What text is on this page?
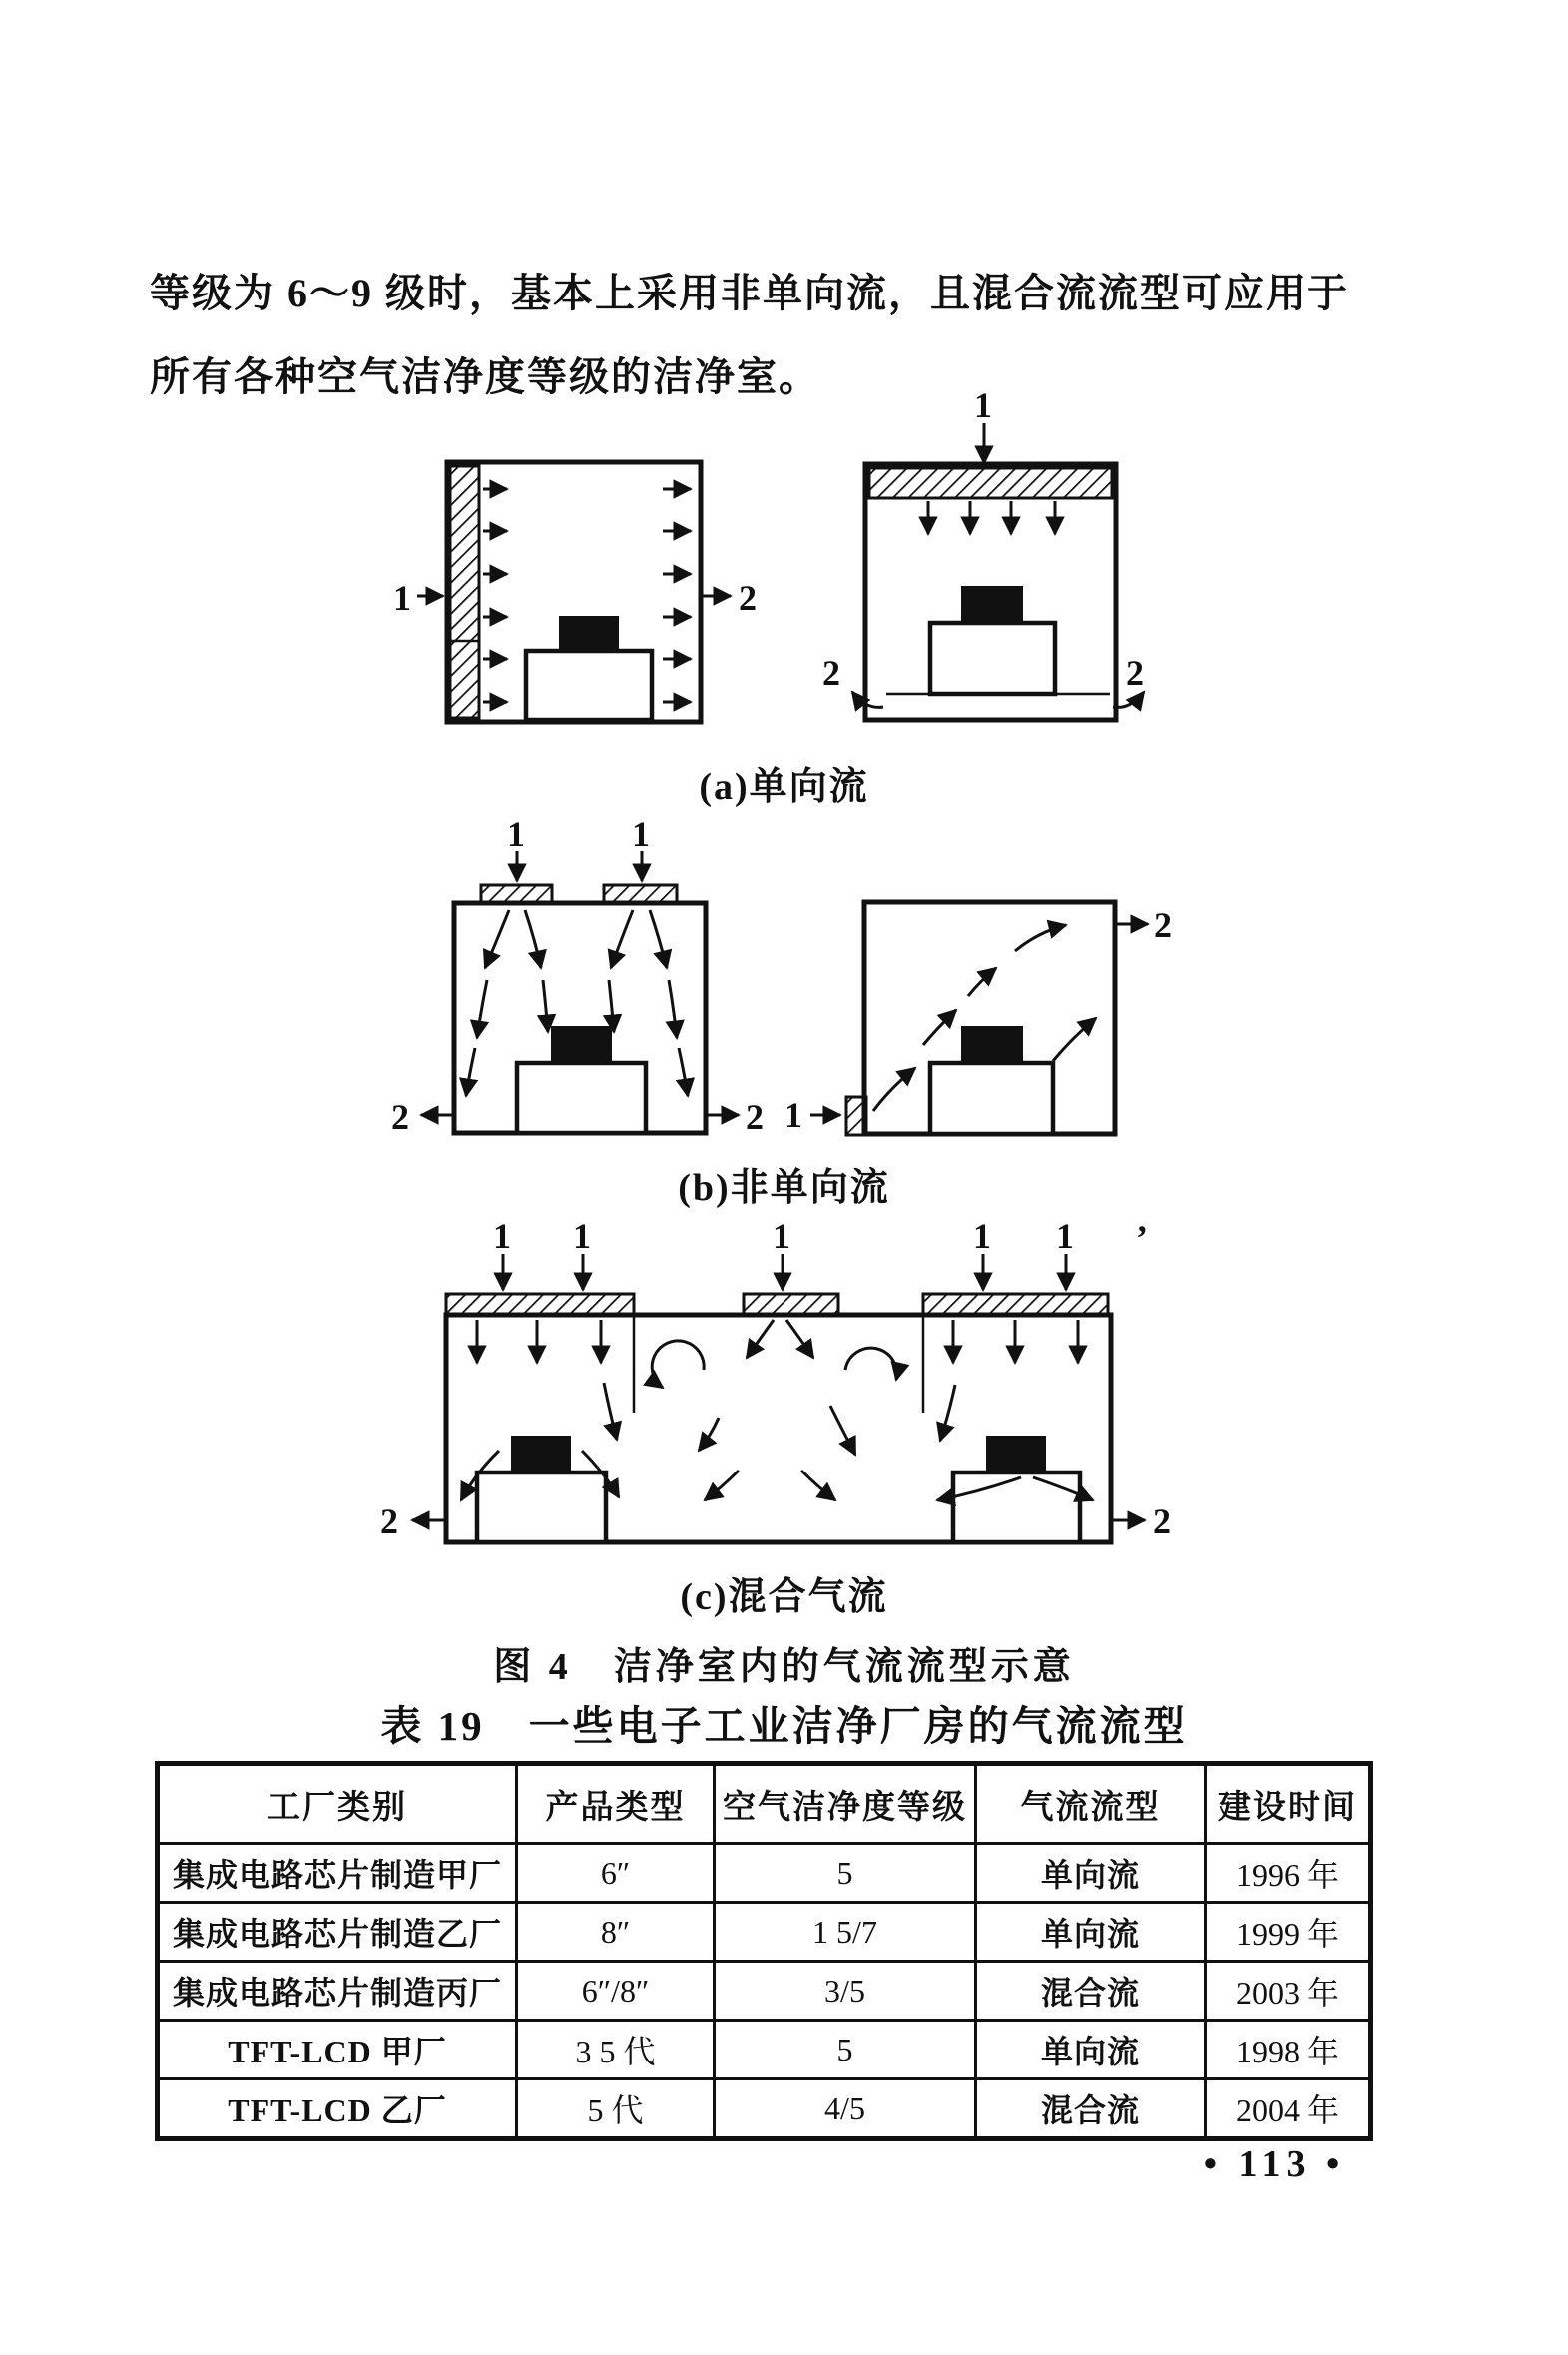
等级为 6～9 级时，基本上采用非单向流，且混合流流型可应用于
所有各种空气洁净度等级的洁净室。
1	2
1
2	2
(a)单向流
1	1
2	2 1
2
(b)非单向流
1 1	1	1 1 ’
2	2
(c)混合气流
图 4　洁净室内的气流流型示意
表 19　一些电子工业洁净厂房的气流流型
工厂类别	产品类型	空气洁净度等级	气流流型	建设时间
集成电路芯片制造甲厂	6″	5	单向流	1996 年
集成电路芯片制造乙厂	8″	1 5/7	单向流	1999 年
集成电路芯片制造丙厂	6″/8″	3/5	混合流	2003 年
TFT-LCD 甲厂	3 5 代	5	单向流	1998 年
TFT-LCD 乙厂	5 代	4/5	混合流	2004 年
• 113 •
